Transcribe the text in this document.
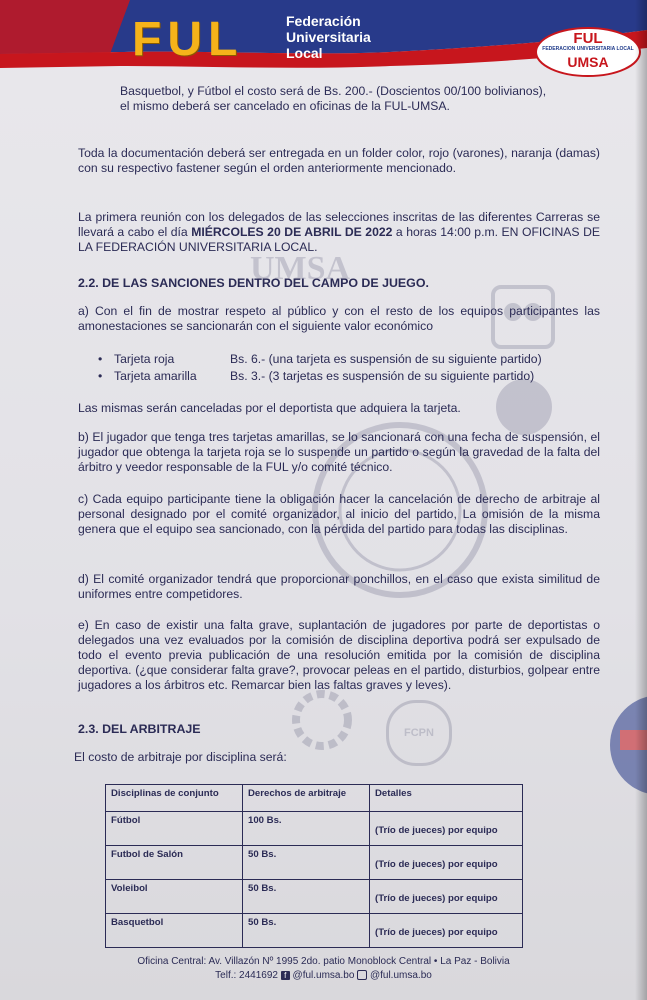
FUL	Federación
Universitaria
Local
FUL
FEDERACION UNIVERSITARIA LOCAL
UMSA
UMSA
FCPN
Basquetbol, y Fútbol el costo será de Bs. 200.- (Doscientos 00/100 bolivianos),
el mismo deberá ser cancelado en oficinas de la FUL-UMSA.

Toda la documentación deberá ser entregada en un folder color, rojo (varones), naranja (damas) con su respectivo fastener según el orden anteriormente mencionado.

La primera reunión con los delegados de las selecciones inscritas de las diferentes Carreras se llevará a cabo el día MIÉRCOLES 20 DE ABRIL DE 2022 a horas 14:00 p.m. EN OFICINAS DE LA FEDERACIÓN UNIVERSITARIA LOCAL.

2.2. DE LAS SANCIONES DENTRO DEL CAMPO DE JUEGO.

a) Con el fin de mostrar respeto al público y con el resto de los equipos participantes las amonestaciones se sancionarán con el siguiente valor económico

• Tarjeta roja	Bs. 6.- (una tarjeta es suspensión de su siguiente partido)
• Tarjeta amarilla	Bs. 3.- (3 tarjetas es suspensión de su siguiente partido)

Las mismas serán canceladas por el deportista que adquiera la tarjeta.

b) El jugador que tenga tres tarjetas amarillas, se lo sancionará con una fecha de suspensión, el jugador que obtenga la tarjeta roja se lo suspende un partido o según la gravedad de la falta del árbitro y veedor responsable de la FUL y/o comité técnico.

c) Cada equipo participante tiene la obligación hacer la cancelación de derecho de arbitraje al personal designado por el comité organizador, al inicio del partido, La omisión de la misma genera que el equipo sea sancionado, con la pérdida del partido para todas las disciplinas.

d) El comité organizador tendrá que proporcionar ponchillos, en el caso que exista similitud de uniformes entre competidores.

e) En caso de existir una falta grave, suplantación de jugadores por parte de deportistas o delegados una vez evaluados por la comisión de disciplina deportiva podrá ser expulsado de todo el evento previa publicación de una resolución emitida por la comisión de disciplina deportiva. (¿que considerar falta grave?, provocar peleas en el partido, disturbios, golpear entre jugadores a los árbitros etc. Remarcar bien las faltas graves y leves).

2.3. DEL ARBITRAJE

El costo de arbitraje por disciplina será:

Disciplinas de conjunto	Derechos de arbitraje	Detalles
Fútbol	100 Bs.	(Trío de jueces) por equipo

Futbol de Salón	50 Bs.	(Trío de jueces) por equipo

Voleibol	50 Bs.	(Trío de jueces) por equipo

Basquetbol	50 Bs.	(Trío de jueces) por equipo
Oficina Central: Av. Villazón Nº 1995 2do. patio Monoblock Central • La Paz - Bolivia
Telf.: 2441692 f @ful.umsa.bo @ful.umsa.bo
